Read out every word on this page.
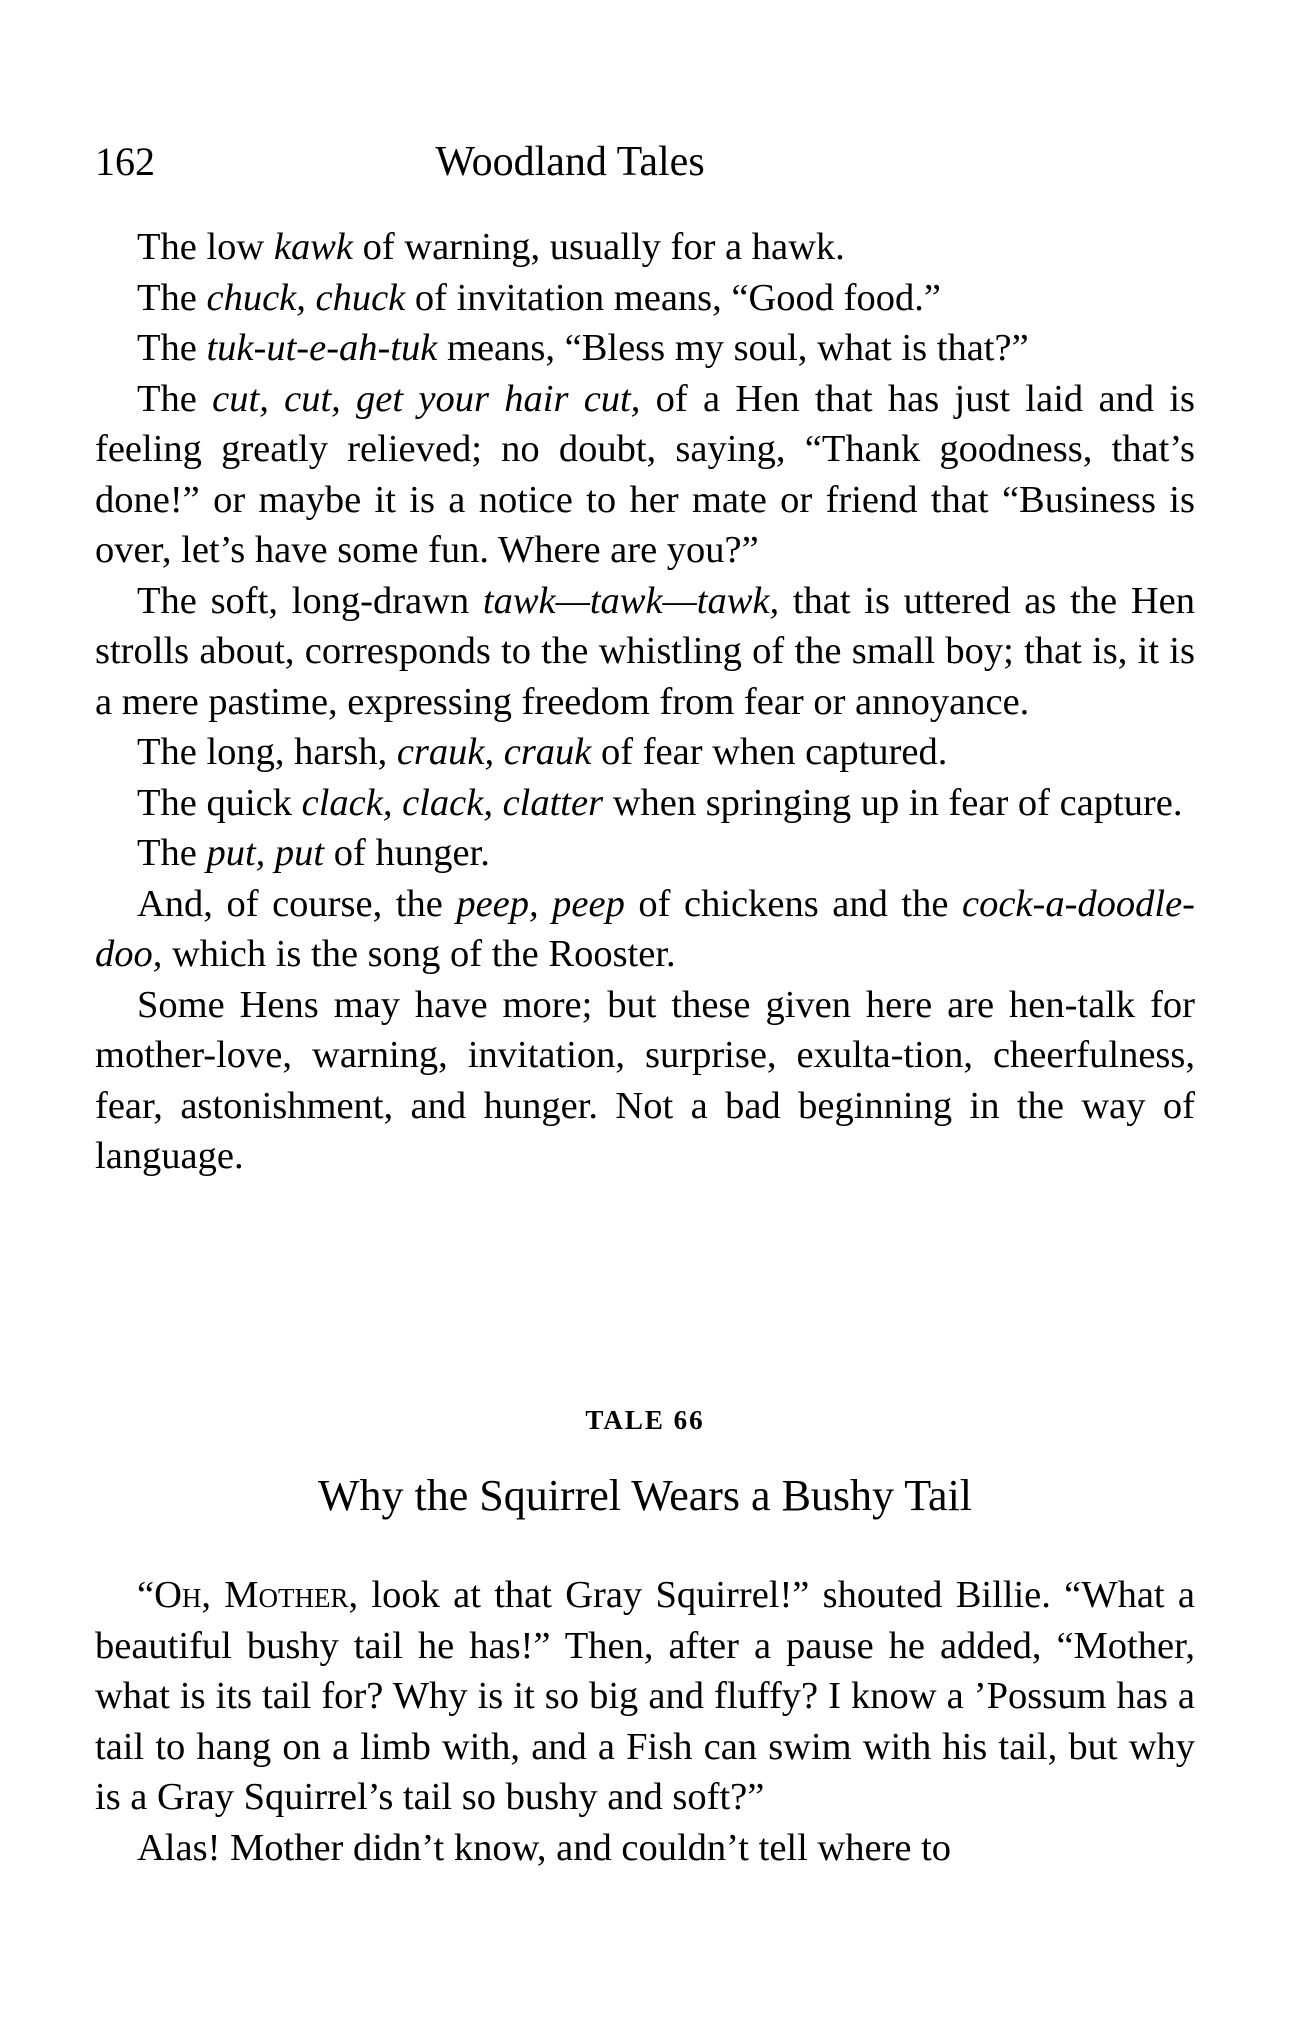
162	Woodland Tales

The low kawk of warning, usually for a hawk.

The chuck, chuck of invitation means, “Good food.”

The tuk-ut-e-ah-tuk means, “Bless my soul, what is that?”

The cut, cut, get your hair cut, of a Hen that has just laid and is feeling greatly relieved; no doubt, saying, “Thank goodness, that’s done!” or maybe it is a notice to her mate or friend that “Business is over, let’s have some fun. Where are you?”

The soft, long-drawn tawk—tawk—tawk, that is uttered as the Hen strolls about, corresponds to the whistling of the small boy; that is, it is a mere pastime, expressing freedom from fear or annoyance.

The long, harsh, crauk, crauk of fear when captured.

The quick clack, clack, clatter when springing up in fear of capture.

The put, put of hunger.

And, of course, the peep, peep of chickens and the cock-a-doodle-doo, which is the song of the Rooster.

Some Hens may have more; but these given here are hen-talk for mother-love, warning, invitation, surprise, exulta-tion, cheerfulness, fear, astonishment, and hunger. Not a bad beginning in the way of language.

TALE 66
Why the Squirrel Wears a Bushy Tail

“Oh, Mother, look at that Gray Squirrel!” shouted Billie. “What a beautiful bushy tail he has!” Then, after a pause he added, “Mother, what is its tail for? Why is it so big and fluffy? I know a ’Possum has a tail to hang on a limb with, and a Fish can swim with his tail, but why is a Gray Squirrel’s tail so bushy and soft?”

Alas! Mother didn’t know, and couldn’t tell where to
